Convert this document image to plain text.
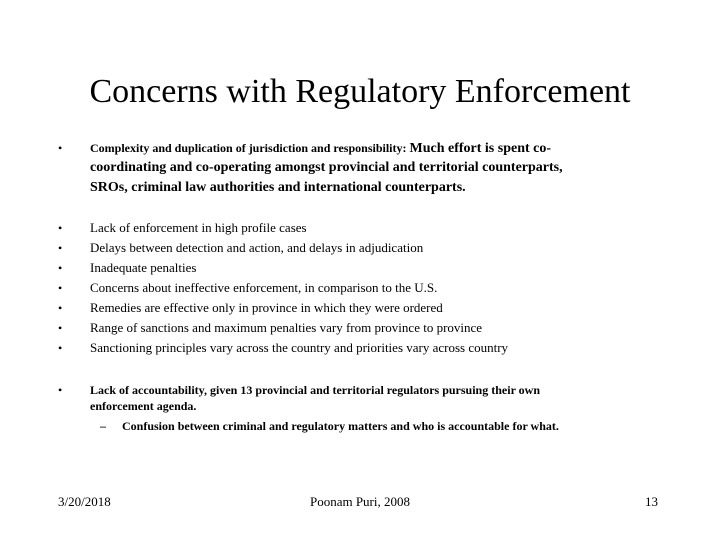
Concerns with Regulatory Enforcement
• Complexity and duplication of jurisdiction and responsibility: Much effort is spent co-
coordinating and co-operating amongst provincial and territorial counterparts,
SROs, criminal law authorities and international counterparts.
• Lack of enforcement in high profile cases
• Delays between detection and action, and delays in adjudication
• Inadequate penalties
• Concerns about ineffective enforcement, in comparison to the U.S.
• Remedies are effective only in province in which they were ordered
• Range of sanctions and maximum penalties vary from province to province
• Sanctioning principles vary across the country and priorities vary across country
• Lack of accountability, given 13 provincial and territorial regulators pursuing their own
enforcement agenda.
–	Confusion between criminal and regulatory matters and who is accountable for what.
3/20/2018	Poonam Puri, 2008	13
